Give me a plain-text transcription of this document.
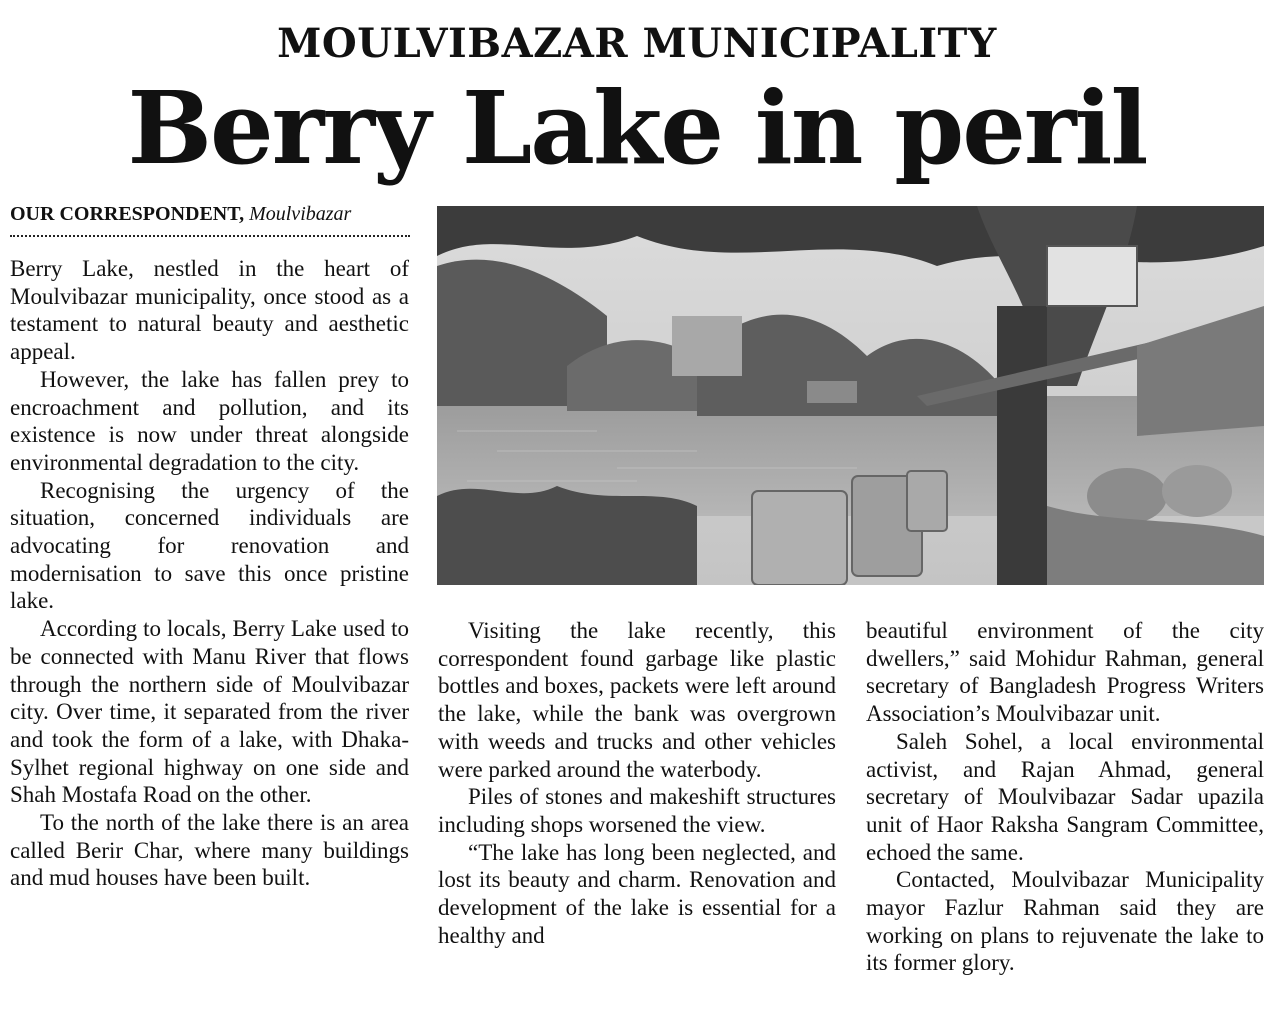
MOULVIBAZAR MUNICIPALITY
Berry Lake in peril
OUR CORRESPONDENT, Moulvibazar

Berry Lake, nestled in the heart of Moulvibazar municipality, once stood as a testament to natural beauty and aesthetic appeal.

However, the lake has fallen prey to encroachment and pollution, and its existence is now under threat alongside environmental degradation to the city.

Recognising the urgency of the situation, concerned individuals are advocating for renovation and modernisation to save this once pristine lake.

According to locals, Berry Lake used to be connected with Manu River that flows through the northern side of Moulvibazar city. Over time, it separated from the river and took the form of a lake, with Dhaka-Sylhet regional highway on one side and Shah Mostafa Road on the other.

To the north of the lake there is an area called Berir Char, where many buildings and mud houses have been built.

Visiting the lake recently, this correspondent found garbage like plastic bottles and boxes, packets were left around the lake, while the bank was overgrown with weeds and trucks and other vehicles were parked around the waterbody.

Piles of stones and makeshift structures including shops worsened the view.

“The lake has long been neglected, and lost its beauty and charm. Renovation and development of the lake is essential for a healthy and

beautiful environment of the city dwellers,” said Mohidur Rahman, general secretary of Bangladesh Progress Writers Association’s Moulvibazar unit.

Saleh Sohel, a local environmental activist, and Rajan Ahmad, general secretary of Moulvibazar Sadar upazila unit of Haor Raksha Sangram Committee, echoed the same.

Contacted, Moulvibazar Municipality mayor Fazlur Rahman said they are working on plans to rejuvenate the lake to its former glory.
